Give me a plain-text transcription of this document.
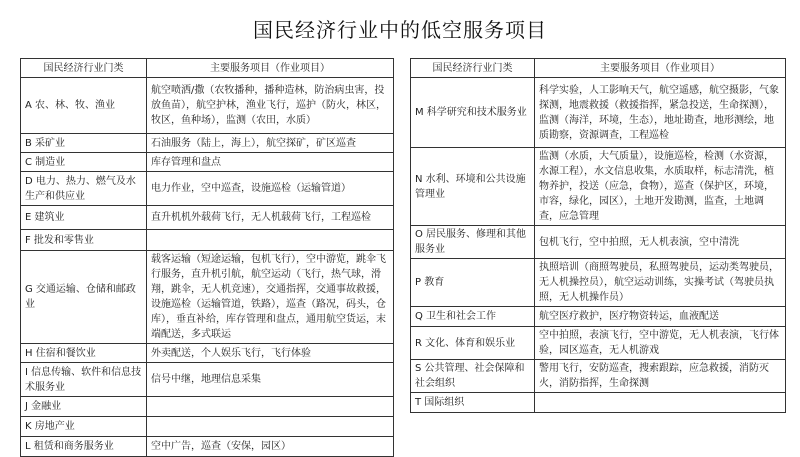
国民经济行业中的低空服务项目
国民经济行业门类	主要服务项目（作业项目）
A 农、林、牧、渔业	航空喷洒/撒（农牧播种，播种造林，防治病虫害，投放鱼苗），航空护林，渔业飞行，巡护（防火，林区，牧区，鱼种场），监测（农田，水质）
B 采矿业	石油服务（陆上，海上），航空探矿，矿区巡查
C 制造业	库存管理和盘点
D 电力、热力、燃气及水生产和供应业	电力作业，空中巡查，设施巡检（运输管道）
E 建筑业	直升机机外载荷飞行，无人机载荷飞行，工程巡检
F 批发和零售业	
G 交通运输、仓储和邮政业	载客运输（短途运输，包机飞行），空中游览，跳伞飞行服务，直升机引航，航空运动（飞行，热气球，滑翔，跳伞，无人机竞速），交通指挥，交通事故救援，设施巡检（运输管道，铁路），巡查（路况，码头，仓库），垂直补给，库存管理和盘点，通用航空货运，末端配送，多式联运
H 住宿和餐饮业	外卖配送，个人娱乐飞行，飞行体验
I 信息传输、软件和信息技术服务业	信号中继，地理信息采集
J 金融业	
K 房地产业	
L 租赁和商务服务业	空中广告，巡查（安保，园区）
国民经济行业门类	主要服务项目（作业项目）
M 科学研究和技术服务业	科学实验，人工影响天气，航空遥感，航空摄影，气象探测，地震救援（救援指挥，紧急投送，生命探测），监测（海洋，环境，生态），地址勘查，地形测绘，地质勘察，资源调查，工程巡检
N 水利、环境和公共设施管理业	监测（水质，大气质量），设施巡检，检测（水资源，水源工程），水文信息收集，水质取样，标志清洗，植物养护，投送（应急，食物），巡查（保护区，环境，市容，绿化，园区），土地开发勘测，监查，土地调查，应急管理
O 居民服务、修理和其他服务业	包机飞行，空中拍照，无人机表演，空中清洗
P 教育	执照培训（商照驾驶员，私照驾驶员，运动类驾驶员，无人机操控员），航空运动训练，实操考试（驾驶员执照，无人机操作员）
Q 卫生和社会工作	航空医疗救护，医疗物资转运，血液配送
R 文化、体育和娱乐业	空中拍照，表演飞行，空中游览，无人机表演，飞行体验，园区巡查，无人机游戏
S 公共管理、社会保障和社会组织	警用飞行，安防巡查，搜索跟踪，应急救援，消防灭火，消防指挥，生命探测
T 国际组织	
